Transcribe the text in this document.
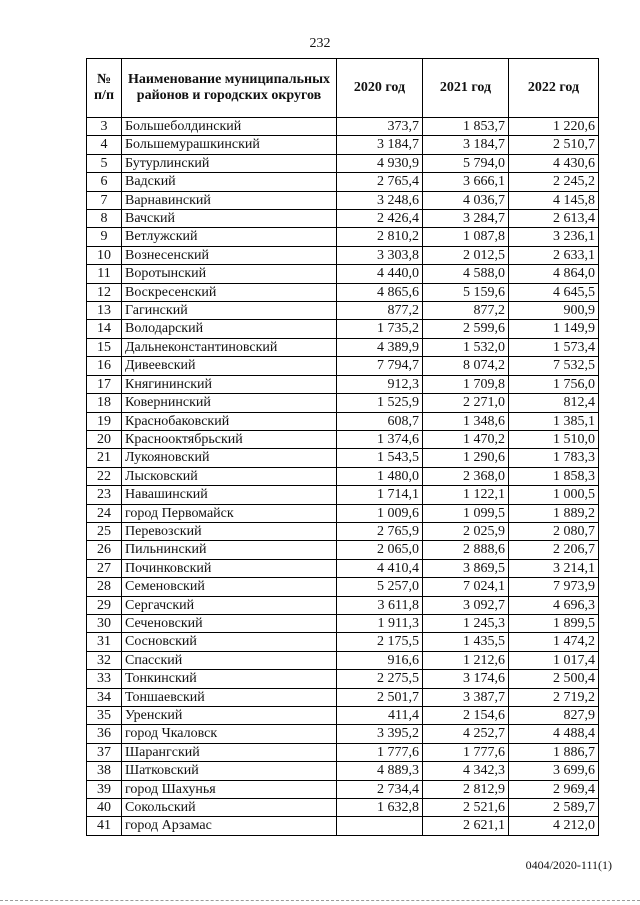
232
№ п/п	Наименование муниципальных районов и городских округов	2020 год	2021 год	2022 год
3	Большеболдинский	373,7	1 853,7	1 220,6
4	Большемурашкинский	3 184,7	3 184,7	2 510,7
5	Бутурлинский	4 930,9	5 794,0	4 430,6
6	Вадский	2 765,4	3 666,1	2 245,2
7	Варнавинский	3 248,6	4 036,7	4 145,8
8	Вачский	2 426,4	3 284,7	2 613,4
9	Ветлужский	2 810,2	1 087,8	3 236,1
10	Вознесенский	3 303,8	2 012,5	2 633,1
11	Воротынский	4 440,0	4 588,0	4 864,0
12	Воскресенский	4 865,6	5 159,6	4 645,5
13	Гагинский	877,2	877,2	900,9
14	Володарский	1 735,2	2 599,6	1 149,9
15	Дальнеконстантиновский	4 389,9	1 532,0	1 573,4
16	Дивеевский	7 794,7	8 074,2	7 532,5
17	Княгининский	912,3	1 709,8	1 756,0
18	Ковернинский	1 525,9	2 271,0	812,4
19	Краснобаковский	608,7	1 348,6	1 385,1
20	Краснооктябрьский	1 374,6	1 470,2	1 510,0
21	Лукояновский	1 543,5	1 290,6	1 783,3
22	Лысковский	1 480,0	2 368,0	1 858,3
23	Навашинский	1 714,1	1 122,1	1 000,5
24	город Первомайск	1 009,6	1 099,5	1 889,2
25	Перевозский	2 765,9	2 025,9	2 080,7
26	Пильнинский	2 065,0	2 888,6	2 206,7
27	Починковский	4 410,4	3 869,5	3 214,1
28	Семеновский	5 257,0	7 024,1	7 973,9
29	Сергачский	3 611,8	3 092,7	4 696,3
30	Сеченовский	1 911,3	1 245,3	1 899,5
31	Сосновский	2 175,5	1 435,5	1 474,2
32	Спасский	916,6	1 212,6	1 017,4
33	Тонкинский	2 275,5	3 174,6	2 500,4
34	Тоншаевский	2 501,7	3 387,7	2 719,2
35	Уренский	411,4	2 154,6	827,9
36	город Чкаловск	3 395,2	4 252,7	4 488,4
37	Шарангский	1 777,6	1 777,6	1 886,7
38	Шатковский	4 889,3	4 342,3	3 699,6
39	город Шахунья	2 734,4	2 812,9	2 969,4
40	Сокольский	1 632,8	2 521,6	2 589,7
41	город Арзамас		2 621,1	4 212,0
0404/2020-111(1)
